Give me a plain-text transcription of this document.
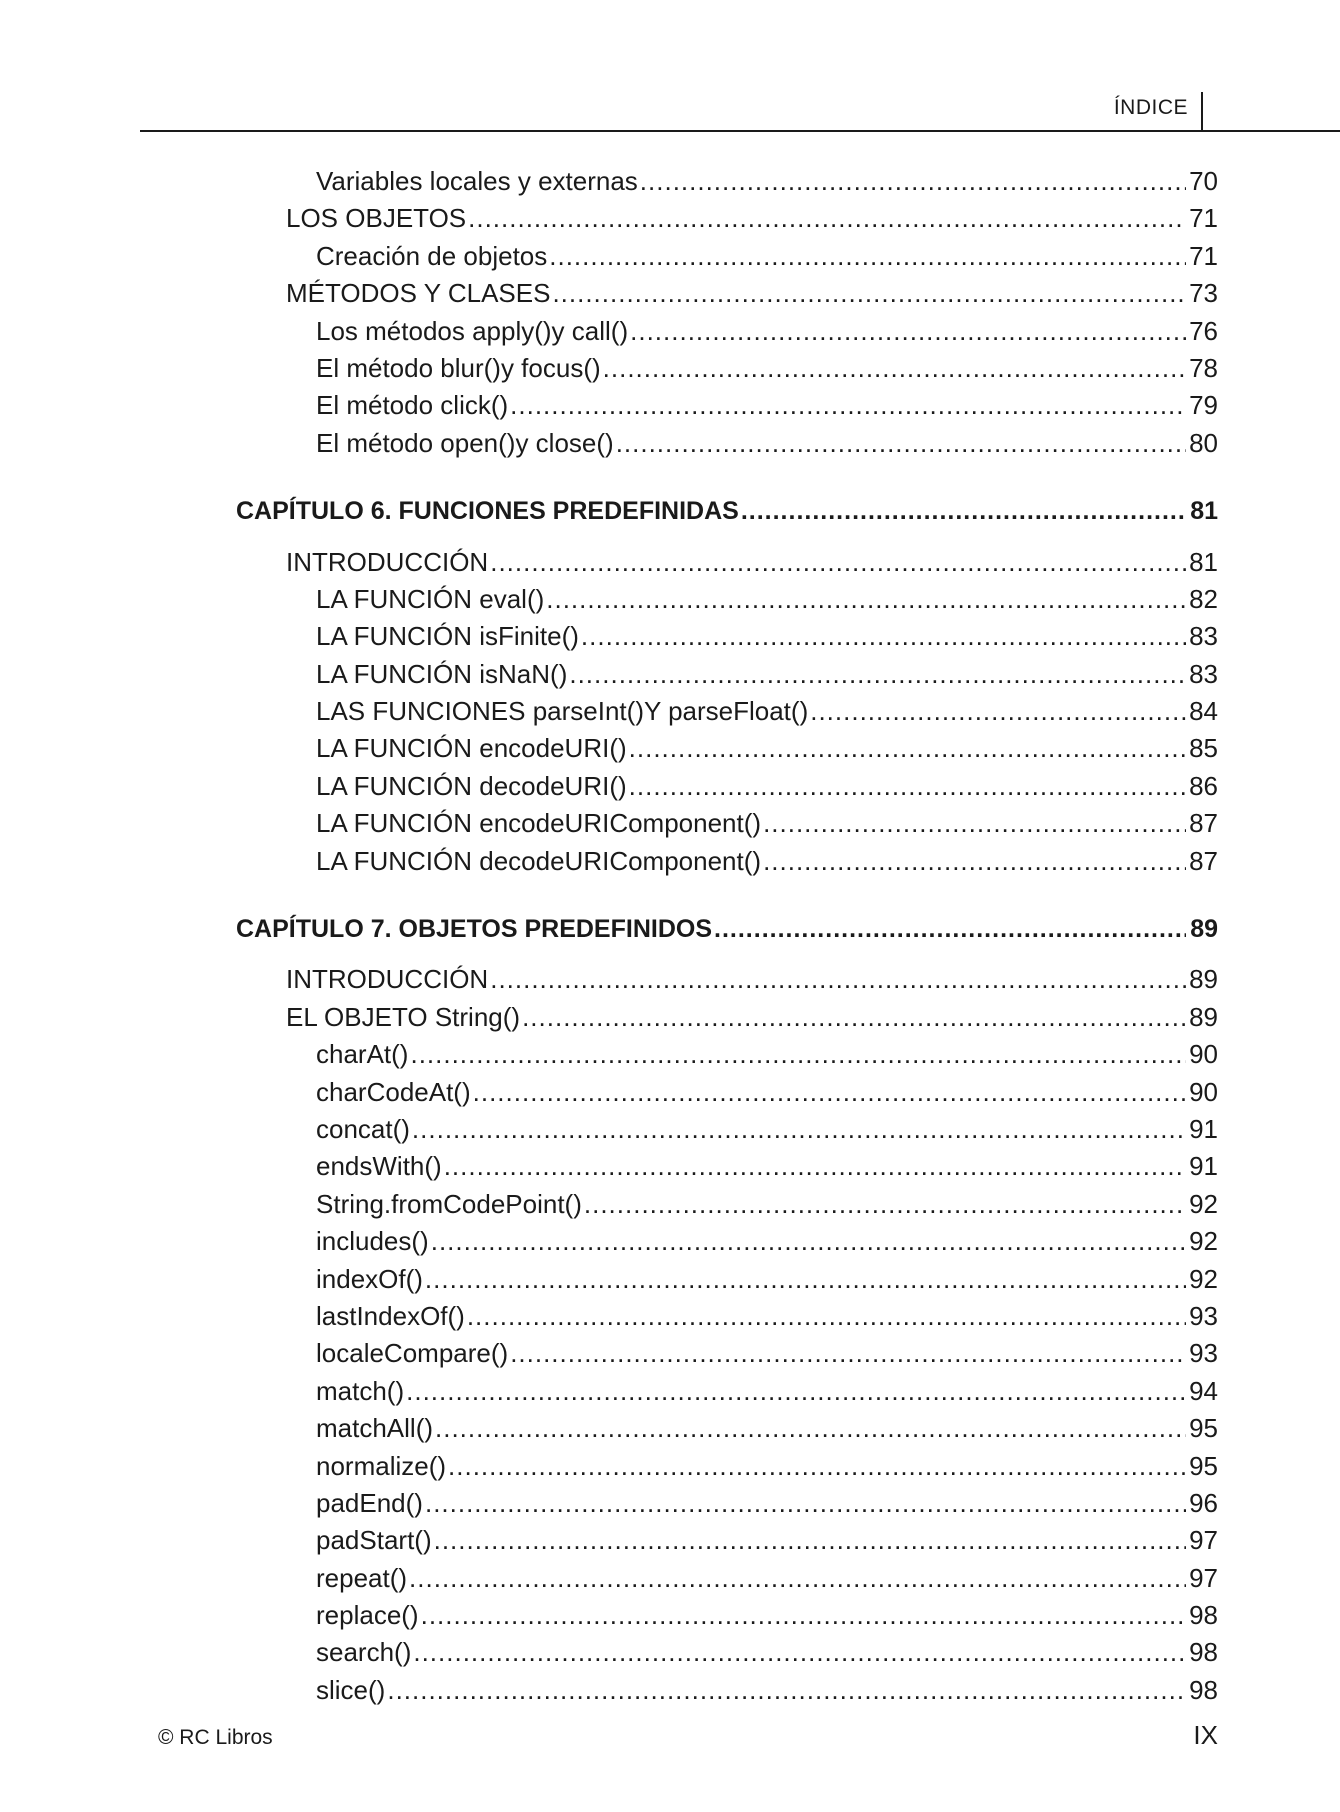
ÍNDICE
Variables locales y externas .....	70
LOS OBJETOS .....	71
Creación de objetos .....	71
MÉTODOS Y CLASES .....	73
Los métodos apply()y call() .....	76
El método blur()y focus() .....	78
El método click() .....	79
El método open()y close() .....	80
CAPÍTULO 6. FUNCIONES PREDEFINIDAS .....	81
INTRODUCCIÓN .....	81
LA FUNCIÓN eval() .....	82
LA FUNCIÓN isFinite() .....	83
LA FUNCIÓN isNaN() .....	83
LAS FUNCIONES parseInt()Y parseFloat() .....	84
LA FUNCIÓN encodeURI() .....	85
LA FUNCIÓN decodeURI() .....	86
LA FUNCIÓN encodeURIComponent() .....	87
LA FUNCIÓN decodeURIComponent() .....	87
CAPÍTULO 7. OBJETOS PREDEFINIDOS .....	89
INTRODUCCIÓN .....	89
EL OBJETO String() .....	89
charAt() .....	90
charCodeAt() .....	90
concat() .....	91
endsWith() .....	91
String.fromCodePoint() .....	92
includes() .....	92
indexOf() .....	92
lastIndexOf() .....	93
localeCompare() .....	93
match() .....	94
matchAll() .....	95
normalize() .....	95
padEnd() .....	96
padStart() .....	97
repeat() .....	97
replace() .....	98
search() .....	98
slice() .....	98
© RC Libros	IX
